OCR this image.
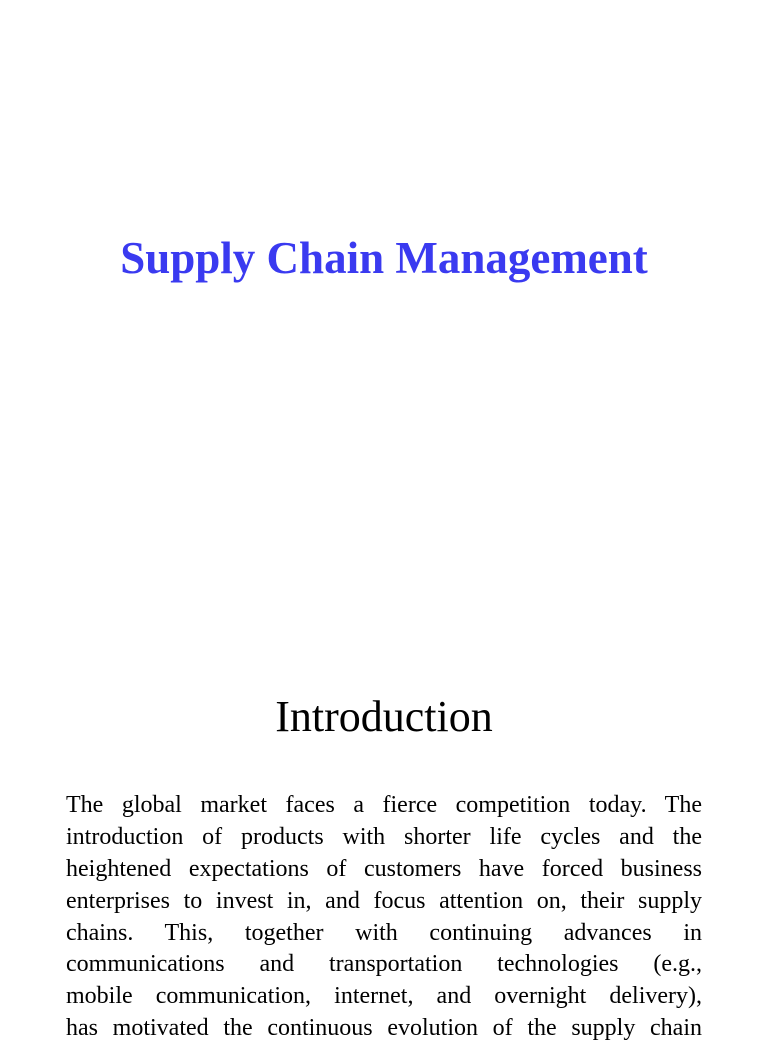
Supply Chain Management
Introduction
The global market faces a fierce competition today. The
introduction of products with shorter life cycles and the
heightened expectations of customers have forced business
enterprises to invest in, and focus attention on, their supply
chains. This, together with continuing advances in
communications and transportation technologies (e.g.,
mobile communication, internet, and overnight delivery),
has motivated the continuous evolution of the supply chain
